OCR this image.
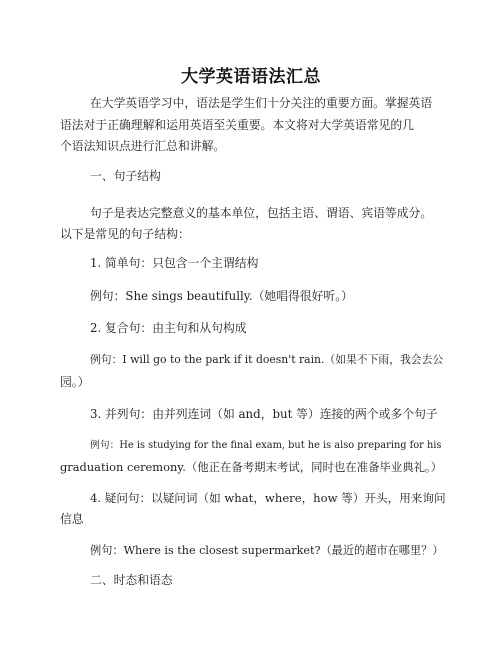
大学英语语法汇总
在大学英语学习中，语法是学生们十分关注的重要方面。掌握英语
语法对于正确理解和运用英语至关重要。本文将对大学英语常见的几
个语法知识点进行汇总和讲解。
一、句子结构
句子是表达完整意义的基本单位，包括主语、谓语、宾语等成分。
以下是常见的句子结构：
1. 简单句：只包含一个主谓结构
例句：She sings beautifully.（她唱得很好听。）
2. 复合句：由主句和从句构成
例句：I will go to the park if it doesn't rain.（如果不下雨，我会去公
园。）
3. 并列句：由并列连词（如 and，but 等）连接的两个或多个句子
例句：He is studying for the final exam, but he is also preparing for his
graduation ceremony.（他正在备考期末考试，同时也在准备毕业典礼。）
4. 疑问句：以疑问词（如 what，where，how 等）开头，用来询问
信息
例句：Where is the closest supermarket?（最近的超市在哪里？）
二、时态和语态
